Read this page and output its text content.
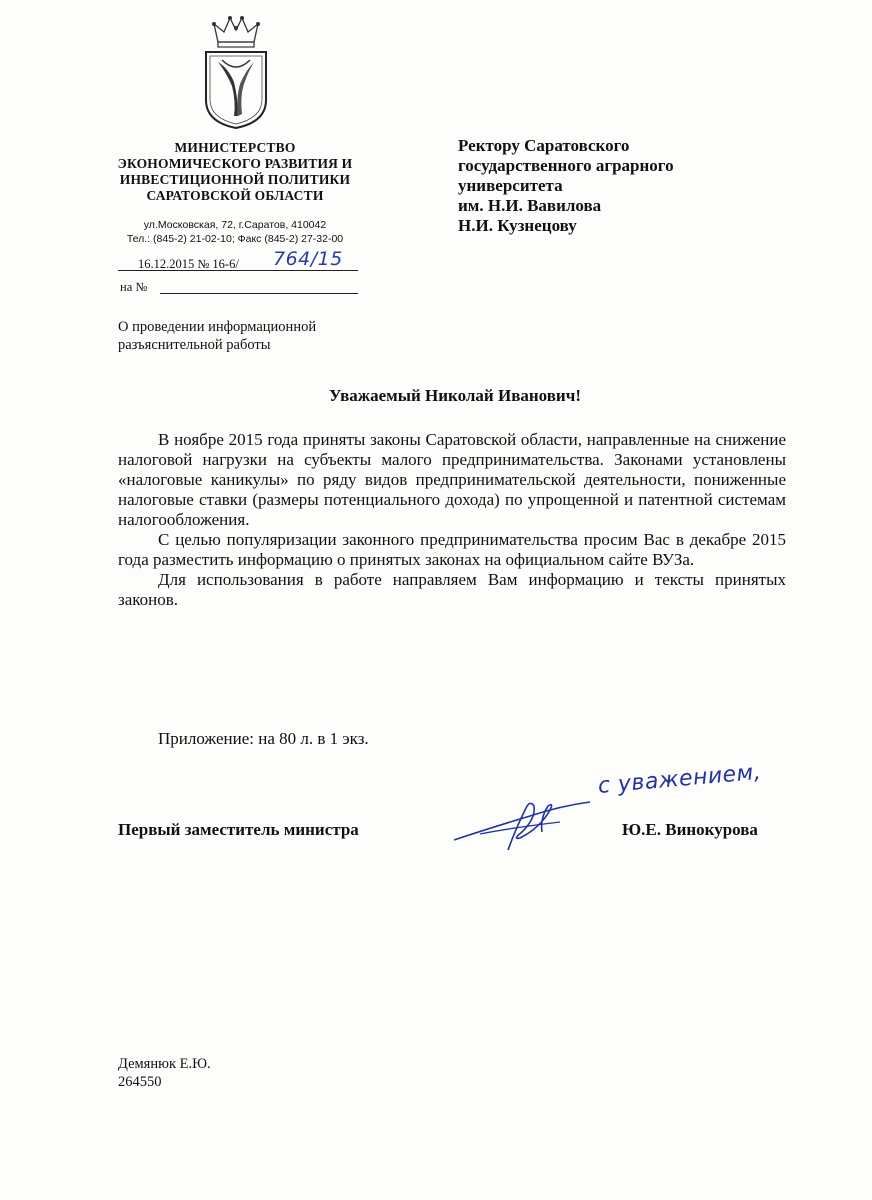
МИНИСТЕРСТВО
ЭКОНОМИЧЕСКОГО РАЗВИТИЯ И
ИНВЕСТИЦИОННОЙ ПОЛИТИКИ
САРАТОВСКОЙ ОБЛАСТИ
ул.Московская, 72, г.Саратов, 410042
Тел.: (845-2) 21-02-10; Факс (845-2) 27-32-00
16.12.2015 № 16-6/ 764/15
на №
О проведении информационной
разъяснительной работы
Ректору Саратовского
государственного аграрного
университета
им. Н.И. Вавилова
Н.И. Кузнецову
Уважаемый Николай Иванович!

В ноябре 2015 года приняты законы Саратовской области, направленные на снижение налоговой нагрузки на субъекты малого предпринимательства. Законами установлены «налоговые каникулы» по ряду видов предпринимательской деятельности, пониженные налоговые ставки (размеры потенциального дохода) по упрощенной и патентной системам налогообложения.

С целью популяризации законного предпринимательства просим Вас в декабре 2015 года разместить информацию о принятых законах на официальном сайте ВУЗа.

Для использования в работе направляем Вам информацию и тексты принятых законов.

Приложение: на 80 л. в 1 экз.
с уважением,
Первый заместитель министра	Ю.Е. Винокурова
Демянюк Е.Ю.
264550
